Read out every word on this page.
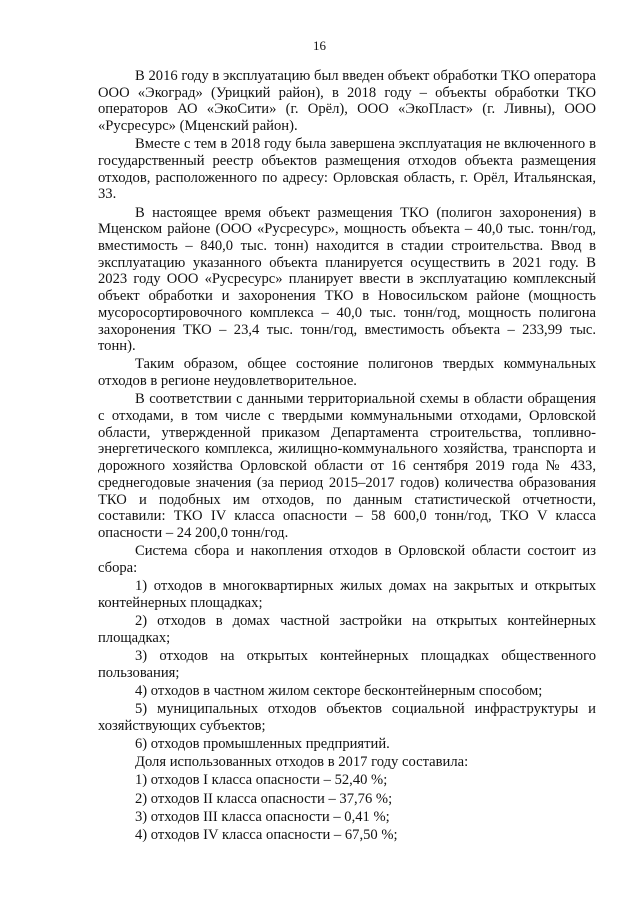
16

В 2016 году в эксплуатацию был введен объект обработки ТКО оператора ООО «Экоград» (Урицкий район), в 2018 году – объекты обработки ТКО операторов АО «ЭкоСити» (г. Орёл), ООО «ЭкоПласт» (г. Ливны), ООО «Русресурс» (Мценский район).

Вместе с тем в 2018 году была завершена эксплуатация не включенного в государственный реестр объектов размещения отходов объекта размещения отходов, расположенного по адресу: Орловская область, г. Орёл, Итальянская, 33.

В настоящее время объект размещения ТКО (полигон захоронения) в Мценском районе (ООО «Русресурс», мощность объекта – 40,0 тыс. тонн/год, вместимость – 840,0 тыс. тонн) находится в стадии строительства. Ввод в эксплуатацию указанного объекта планируется осуществить в 2021 году. В 2023 году ООО «Русресурс» планирует ввести в эксплуатацию комплексный объект обработки и захоронения ТКО в Новосильском районе (мощность мусоросортировочного комплекса – 40,0 тыс. тонн/год, мощность полигона захоронения ТКО – 23,4 тыс. тонн/год, вместимость объекта – 233,99 тыс. тонн).

Таким образом, общее состояние полигонов твердых коммунальных отходов в регионе неудовлетворительное.

В соответствии с данными территориальной схемы в области обращения с отходами, в том числе с твердыми коммунальными отходами, Орловской области, утвержденной приказом Департамента строительства, топливно-энергетического комплекса, жилищно-коммунального хозяйства, транспорта и дорожного хозяйства Орловской области от 16 сентября 2019 года № 433, среднегодовые значения (за период 2015–2017 годов) количества образования ТКО и подобных им отходов, по данным статистической отчетности, составили: ТКО IV класса опасности – 58 600,0 тонн/год, ТКО V класса опасности – 24 200,0 тонн/год.

Система сбора и накопления отходов в Орловской области состоит из сбора:

1) отходов в многоквартирных жилых домах на закрытых и открытых контейнерных площадках;

2) отходов в домах частной застройки на открытых контейнерных площадках;

3) отходов на открытых контейнерных площадках общественного пользования;

4) отходов в частном жилом секторе бесконтейнерным способом;

5) муниципальных отходов объектов социальной инфраструктуры и хозяйствующих субъектов;

6) отходов промышленных предприятий.

Доля использованных отходов в 2017 году составила:

1) отходов I класса опасности – 52,40 %;

2) отходов II класса опасности – 37,76 %;

3) отходов III класса опасности – 0,41 %;

4) отходов IV класса опасности – 67,50 %;
